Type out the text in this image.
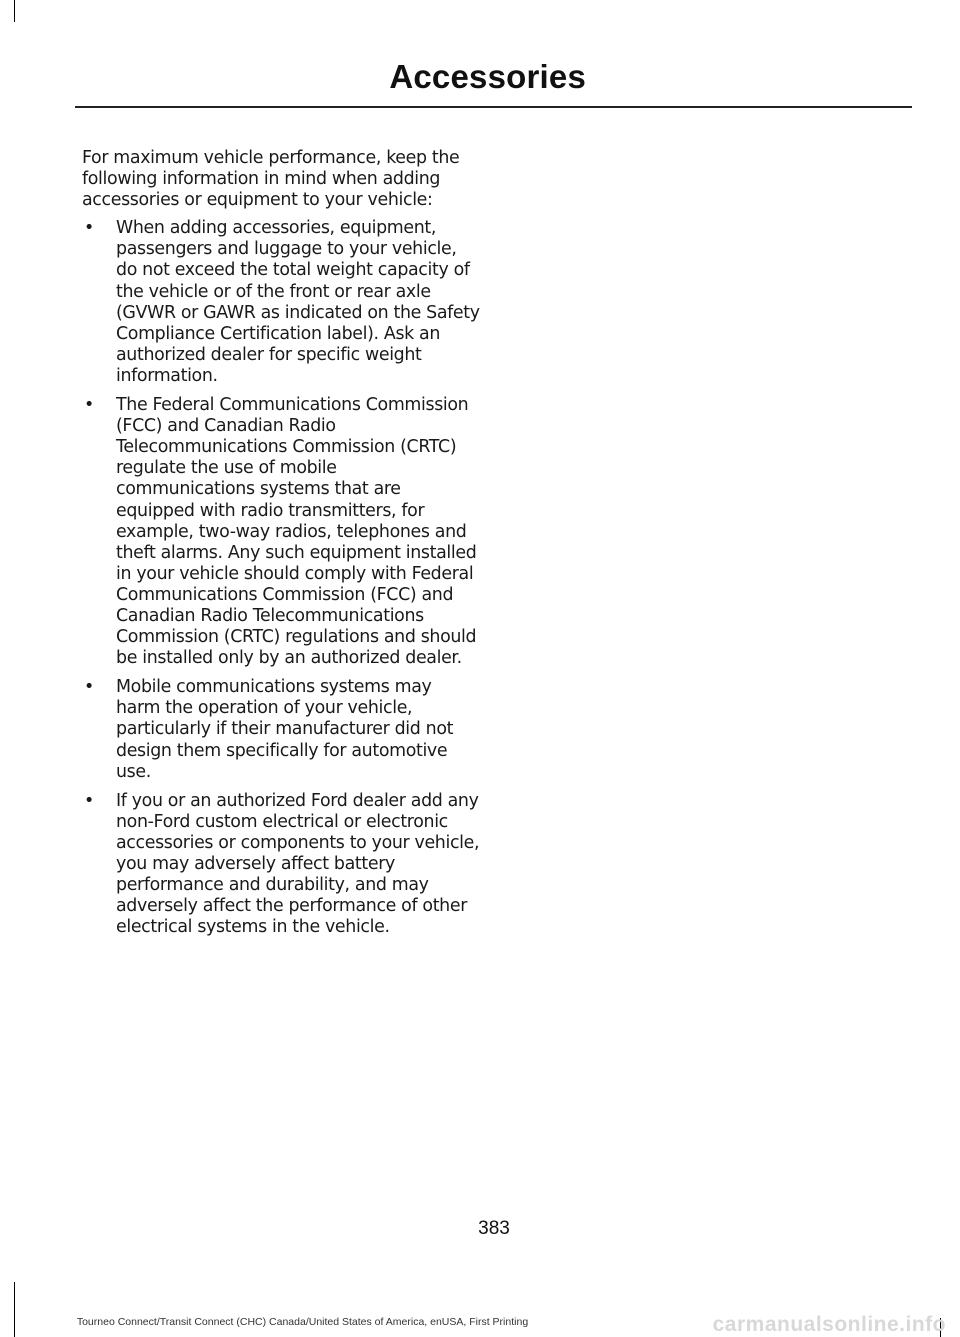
Accessories

For maximum vehicle performance, keep the following information in mind when adding accessories or equipment to your vehicle:

• When adding accessories, equipment, passengers and luggage to your vehicle, do not exceed the total weight capacity of the vehicle or of the front or rear axle (GVWR or GAWR as indicated on the Safety Compliance Certification label). Ask an authorized dealer for specific weight information.
• The Federal Communications Commission (FCC) and Canadian Radio Telecommunications Commission (CRTC) regulate the use of mobile communications systems that are equipped with radio transmitters, for example, two-way radios, telephones and theft alarms. Any such equipment installed in your vehicle should comply with Federal Communications Commission (FCC) and Canadian Radio Telecommunications Commission (CRTC) regulations and should be installed only by an authorized dealer.
• Mobile communications systems may harm the operation of your vehicle, particularly if their manufacturer did not design them specifically for automotive use.
• If you or an authorized Ford dealer add any non-Ford custom electrical or electronic accessories or components to your vehicle, you may adversely affect battery performance and durability, and may adversely affect the performance of other electrical systems in the vehicle.
383
Tourneo Connect/Transit Connect (CHC) Canada/United States of America, enUSA, First Printing	carmanualsonline.info
